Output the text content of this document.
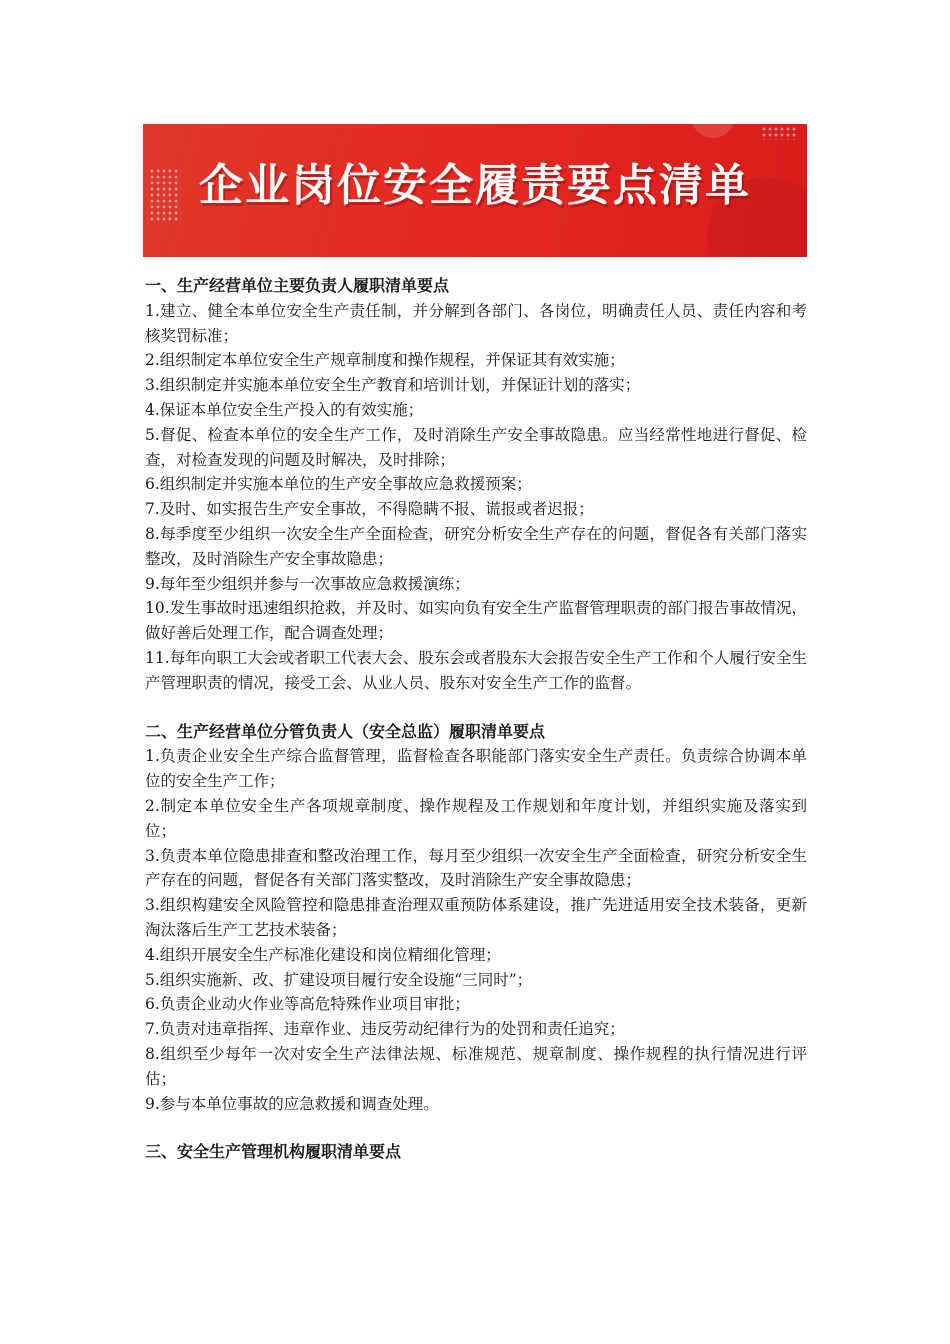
企业岗位安全履责要点清单

一、生产经营单位主要负责人履职清单要点

1.建立、健全本单位安全生产责任制，并分解到各部门、各岗位，明确责任人员、责任内容和考核奖罚标准；

2.组织制定本单位安全生产规章制度和操作规程，并保证其有效实施；

3.组织制定并实施本单位安全生产教育和培训计划，并保证计划的落实；

4.保证本单位安全生产投入的有效实施；

5.督促、检查本单位的安全生产工作，及时消除生产安全事故隐患。应当经常性地进行督促、检查，对检查发现的问题及时解决，及时排除；

6.组织制定并实施本单位的生产安全事故应急救援预案；

7.及时、如实报告生产安全事故，不得隐瞒不报、谎报或者迟报；

8.每季度至少组织一次安全生产全面检查，研究分析安全生产存在的问题，督促各有关部门落实整改，及时消除生产安全事故隐患；

9.每年至少组织并参与一次事故应急救援演练；

10.发生事故时迅速组织抢救，并及时、如实向负有安全生产监督管理职责的部门报告事故情况，做好善后处理工作，配合调查处理；

11.每年向职工大会或者职工代表大会、股东会或者股东大会报告安全生产工作和个人履行安全生产管理职责的情况，接受工会、从业人员、股东对安全生产工作的监督。

二、生产经营单位分管负责人（安全总监）履职清单要点

1.负责企业安全生产综合监督管理，监督检查各职能部门落实安全生产责任。负责综合协调本单位的安全生产工作；

2.制定本单位安全生产各项规章制度、操作规程及工作规划和年度计划，并组织实施及落实到位；

3.负责本单位隐患排查和整改治理工作，每月至少组织一次安全生产全面检查，研究分析安全生产存在的问题，督促各有关部门落实整改，及时消除生产安全事故隐患；

3.组织构建安全风险管控和隐患排查治理双重预防体系建设，推广先进适用安全技术装备，更新淘汰落后生产工艺技术装备；

4.组织开展安全生产标准化建设和岗位精细化管理；

5.组织实施新、改、扩建设项目履行安全设施“三同时”；

6.负责企业动火作业等高危特殊作业项目审批；

7.负责对违章指挥、违章作业、违反劳动纪律行为的处罚和责任追究；

8.组织至少每年一次对安全生产法律法规、标准规范、规章制度、操作规程的执行情况进行评估；

9.参与本单位事故的应急救援和调查处理。

三、安全生产管理机构履职清单要点
